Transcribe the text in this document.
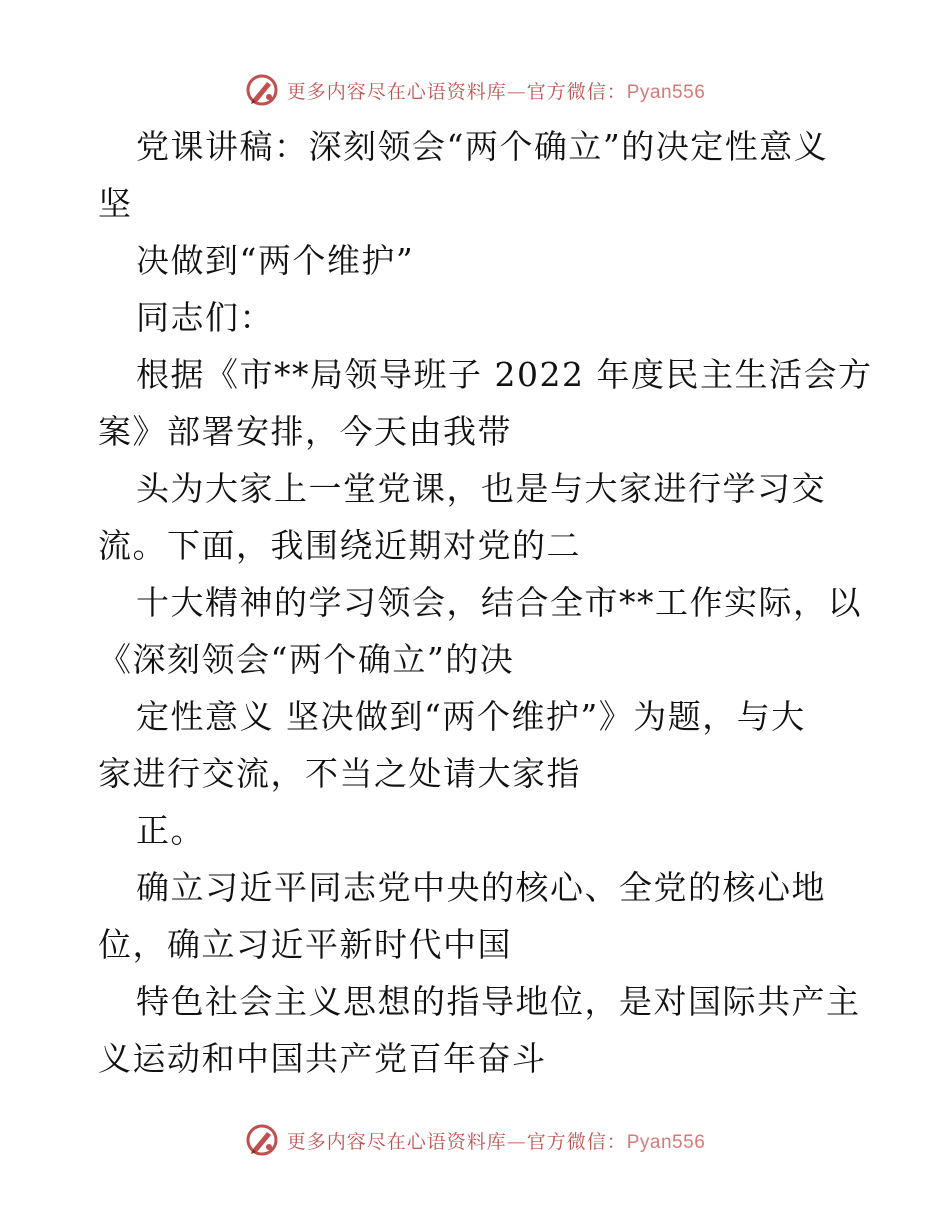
更多内容尽在心语资料库—官方微信：Pyan556
党课讲稿：深刻领会“两个确立”的决定性意义
坚
决做到“两个维护”
同志们：
根据《市**局领导班子 2022 年度民主生活会方
案》部署安排，今天由我带
头为大家上一堂党课，也是与大家进行学习交
流。下面，我围绕近期对党的二
十大精神的学习领会，结合全市**工作实际，以
《深刻领会“两个确立”的决
定性意义 坚决做到“两个维护”》为题，与大
家进行交流，不当之处请大家指
正。
确立习近平同志党中央的核心、全党的核心地
位，确立习近平新时代中国
特色社会主义思想的指导地位，是对国际共产主
义运动和中国共产党百年奋斗
更多内容尽在心语资料库—官方微信：Pyan556
